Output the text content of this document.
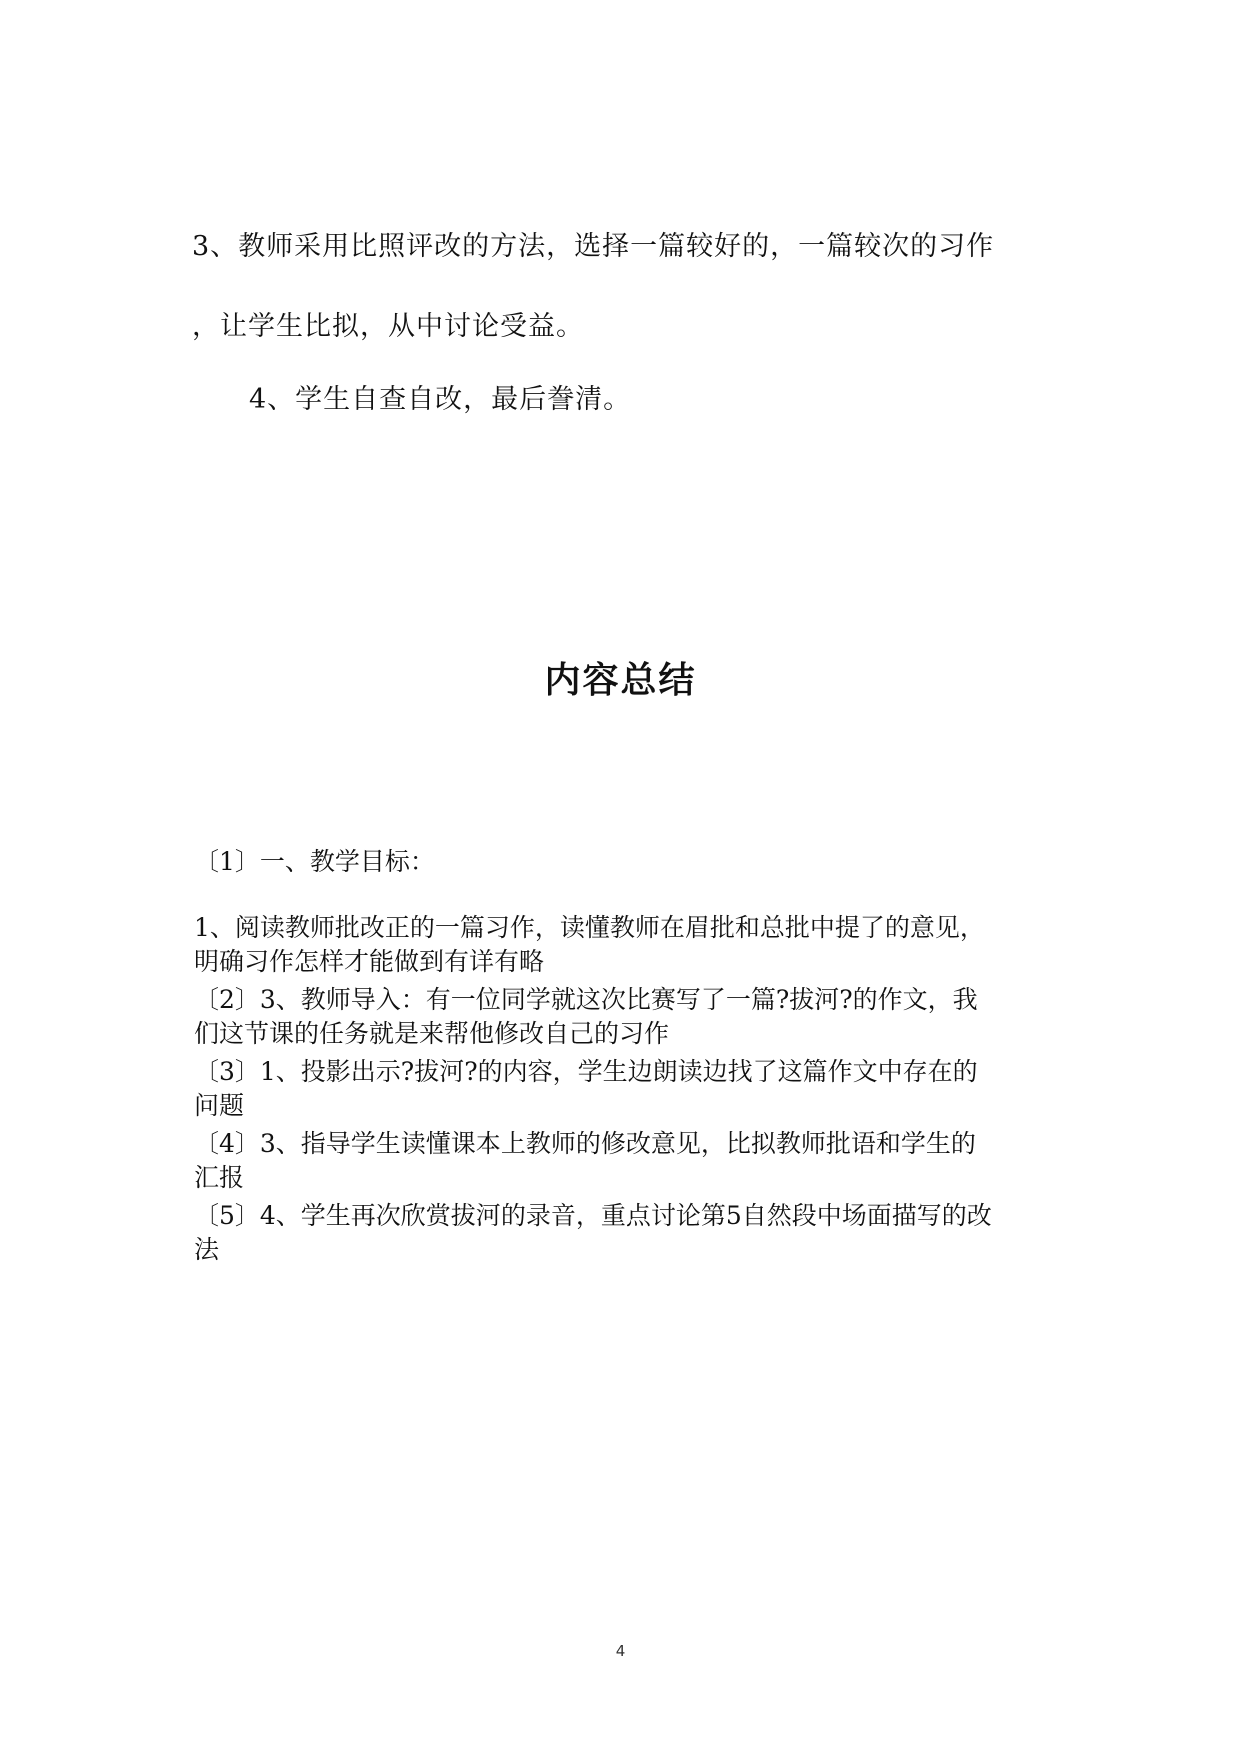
3、教师采用比照评改的方法，选择一篇较好的，一篇较次的习作
，让学生比拟，从中讨论受益。
4、学生自查自改，最后誊清。
内容总结
〔1〕一、教学目标：
1、阅读教师批改正的一篇习作，读懂教师在眉批和总批中提了的意见，
明确习作怎样才能做到有详有略
〔2〕3、教师导入：有一位同学就这次比赛写了一篇?拔河?的作文，我
们这节课的任务就是来帮他修改自己的习作
〔3〕1、投影出示?拔河?的内容，学生边朗读边找了这篇作文中存在的
问题
〔4〕3、指导学生读懂课本上教师的修改意见，比拟教师批语和学生的
汇报
〔5〕4、学生再次欣赏拔河的录音，重点讨论第5自然段中场面描写的改
法
4
